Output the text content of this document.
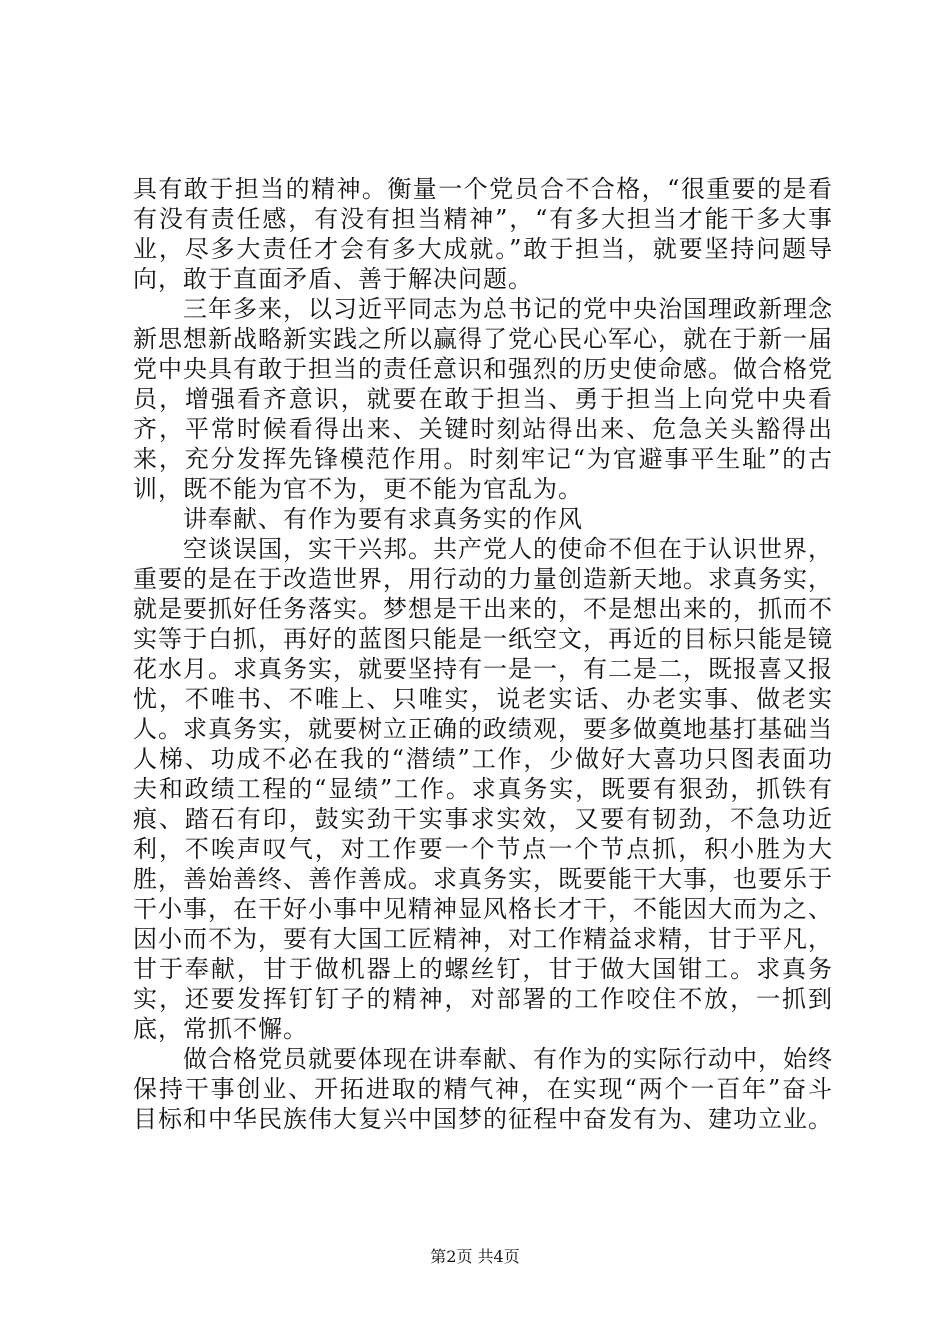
具有敢于担当的精神。衡量一个党员合不合格，“很重要的是看有没有责任感，有没有担当精神”，“有多大担当才能干多大事业，尽多大责任才会有多大成就。”敢于担当，就要坚持问题导向，敢于直面矛盾、善于解决问题。

三年多来，以习近平同志为总书记的党中央治国理政新理念新思想新战略新实践之所以赢得了党心民心军心，就在于新一届党中央具有敢于担当的责任意识和强烈的历史使命感。做合格党员，增强看齐意识，就要在敢于担当、勇于担当上向党中央看齐，平常时候看得出来、关键时刻站得出来、危急关头豁得出来，充分发挥先锋模范作用。时刻牢记“为官避事平生耻”的古训，既不能为官不为，更不能为官乱为。

讲奉献、有作为要有求真务实的作风

空谈误国，实干兴邦。共产党人的使命不但在于认识世界，重要的是在于改造世界，用行动的力量创造新天地。求真务实，就是要抓好任务落实。梦想是干出来的，不是想出来的，抓而不实等于白抓，再好的蓝图只能是一纸空文，再近的目标只能是镜花水月。求真务实，就要坚持有一是一，有二是二，既报喜又报忧，不唯书、不唯上、只唯实，说老实话、办老实事、做老实人。求真务实，就要树立正确的政绩观，要多做奠地基打基础当人梯、功成不必在我的“潜绩”工作，少做好大喜功只图表面功夫和政绩工程的“显绩”工作。求真务实，既要有狠劲，抓铁有痕、踏石有印，鼓实劲干实事求实效，又要有韧劲，不急功近利，不唉声叹气，对工作要一个节点一个节点抓，积小胜为大胜，善始善终、善作善成。求真务实，既要能干大事，也要乐于干小事，在干好小事中见精神显风格长才干，不能因大而为之、因小而不为，要有大国工匠精神，对工作精益求精，甘于平凡，甘于奉献，甘于做机器上的螺丝钉，甘于做大国钳工。求真务实，还要发挥钉钉子的精神，对部署的工作咬住不放，一抓到底，常抓不懈。

做合格党员就要体现在讲奉献、有作为的实际行动中，始终保持干事创业、开拓进取的精气神，在实现“两个一百年”奋斗目标和中华民族伟大复兴中国梦的征程中奋发有为、建功立业。

第2页 共4页
